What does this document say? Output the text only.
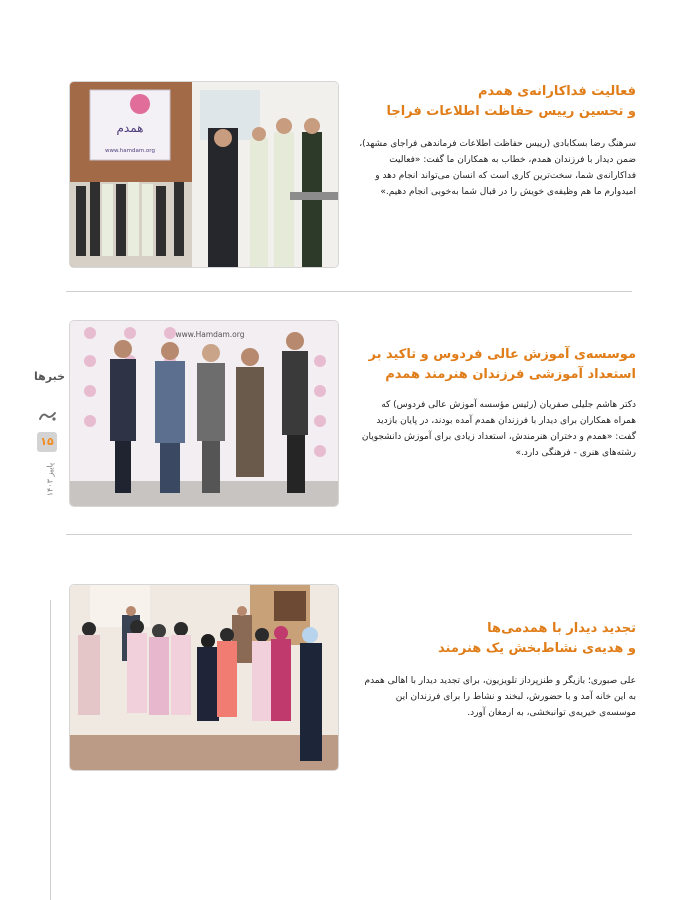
خبرها
۱۵
پاییز ۱۴۰۳
همدم
www.hamdam.org
فعالیت فداکارانه‌ی همدم
و تحسین رییس حفاظت اطلاعات فراجا

سرهنگ رضا بسکابادی (رییس حفاظت اطلاعات فرماندهی فراجای مشهد)، ضمن دیدار با فرزندان همدم، خطاب به همکاران ما گفت: «فعالیت فداکارانه‌ی شما، سخت‌ترین کاری است که انسان می‌تواند انجام دهد و امیدوارم ما هم وظیفه‌ی خویش را در قبال شما به‌خوبی انجام دهیم.»

www.Hamdam.org
موسسه‌ی آموزش عالی فردوس و تاکید بر
استعداد آموزشی فرزندان هنرمند همدم

دکتر هاشم جلیلی صفریان (رئیس مؤسسه آموزش عالی فردوس) که همراه همکاران برای دیدار با فرزندان همدم آمده بودند، در پایان بازدید گفت: «همدم و دختران هنرمندش، استعداد زیادی برای آموزش دانشجویان رشته‌های هنری - فرهنگی دارد.»

تجدید دیدار با همدمی‌ها
و هدیه‌ی نشاط‌بخش یک هنرمند

علی صبوری؛ بازیگر و طنزپرداز تلویزیون، برای تجدید دیدار با اهالی همدم به این خانه آمد و با حضورش، لبخند و نشاط را برای فرزندان این موسسه‌ی خیریه‌ی توانبخشی، به ارمغان آورد.
